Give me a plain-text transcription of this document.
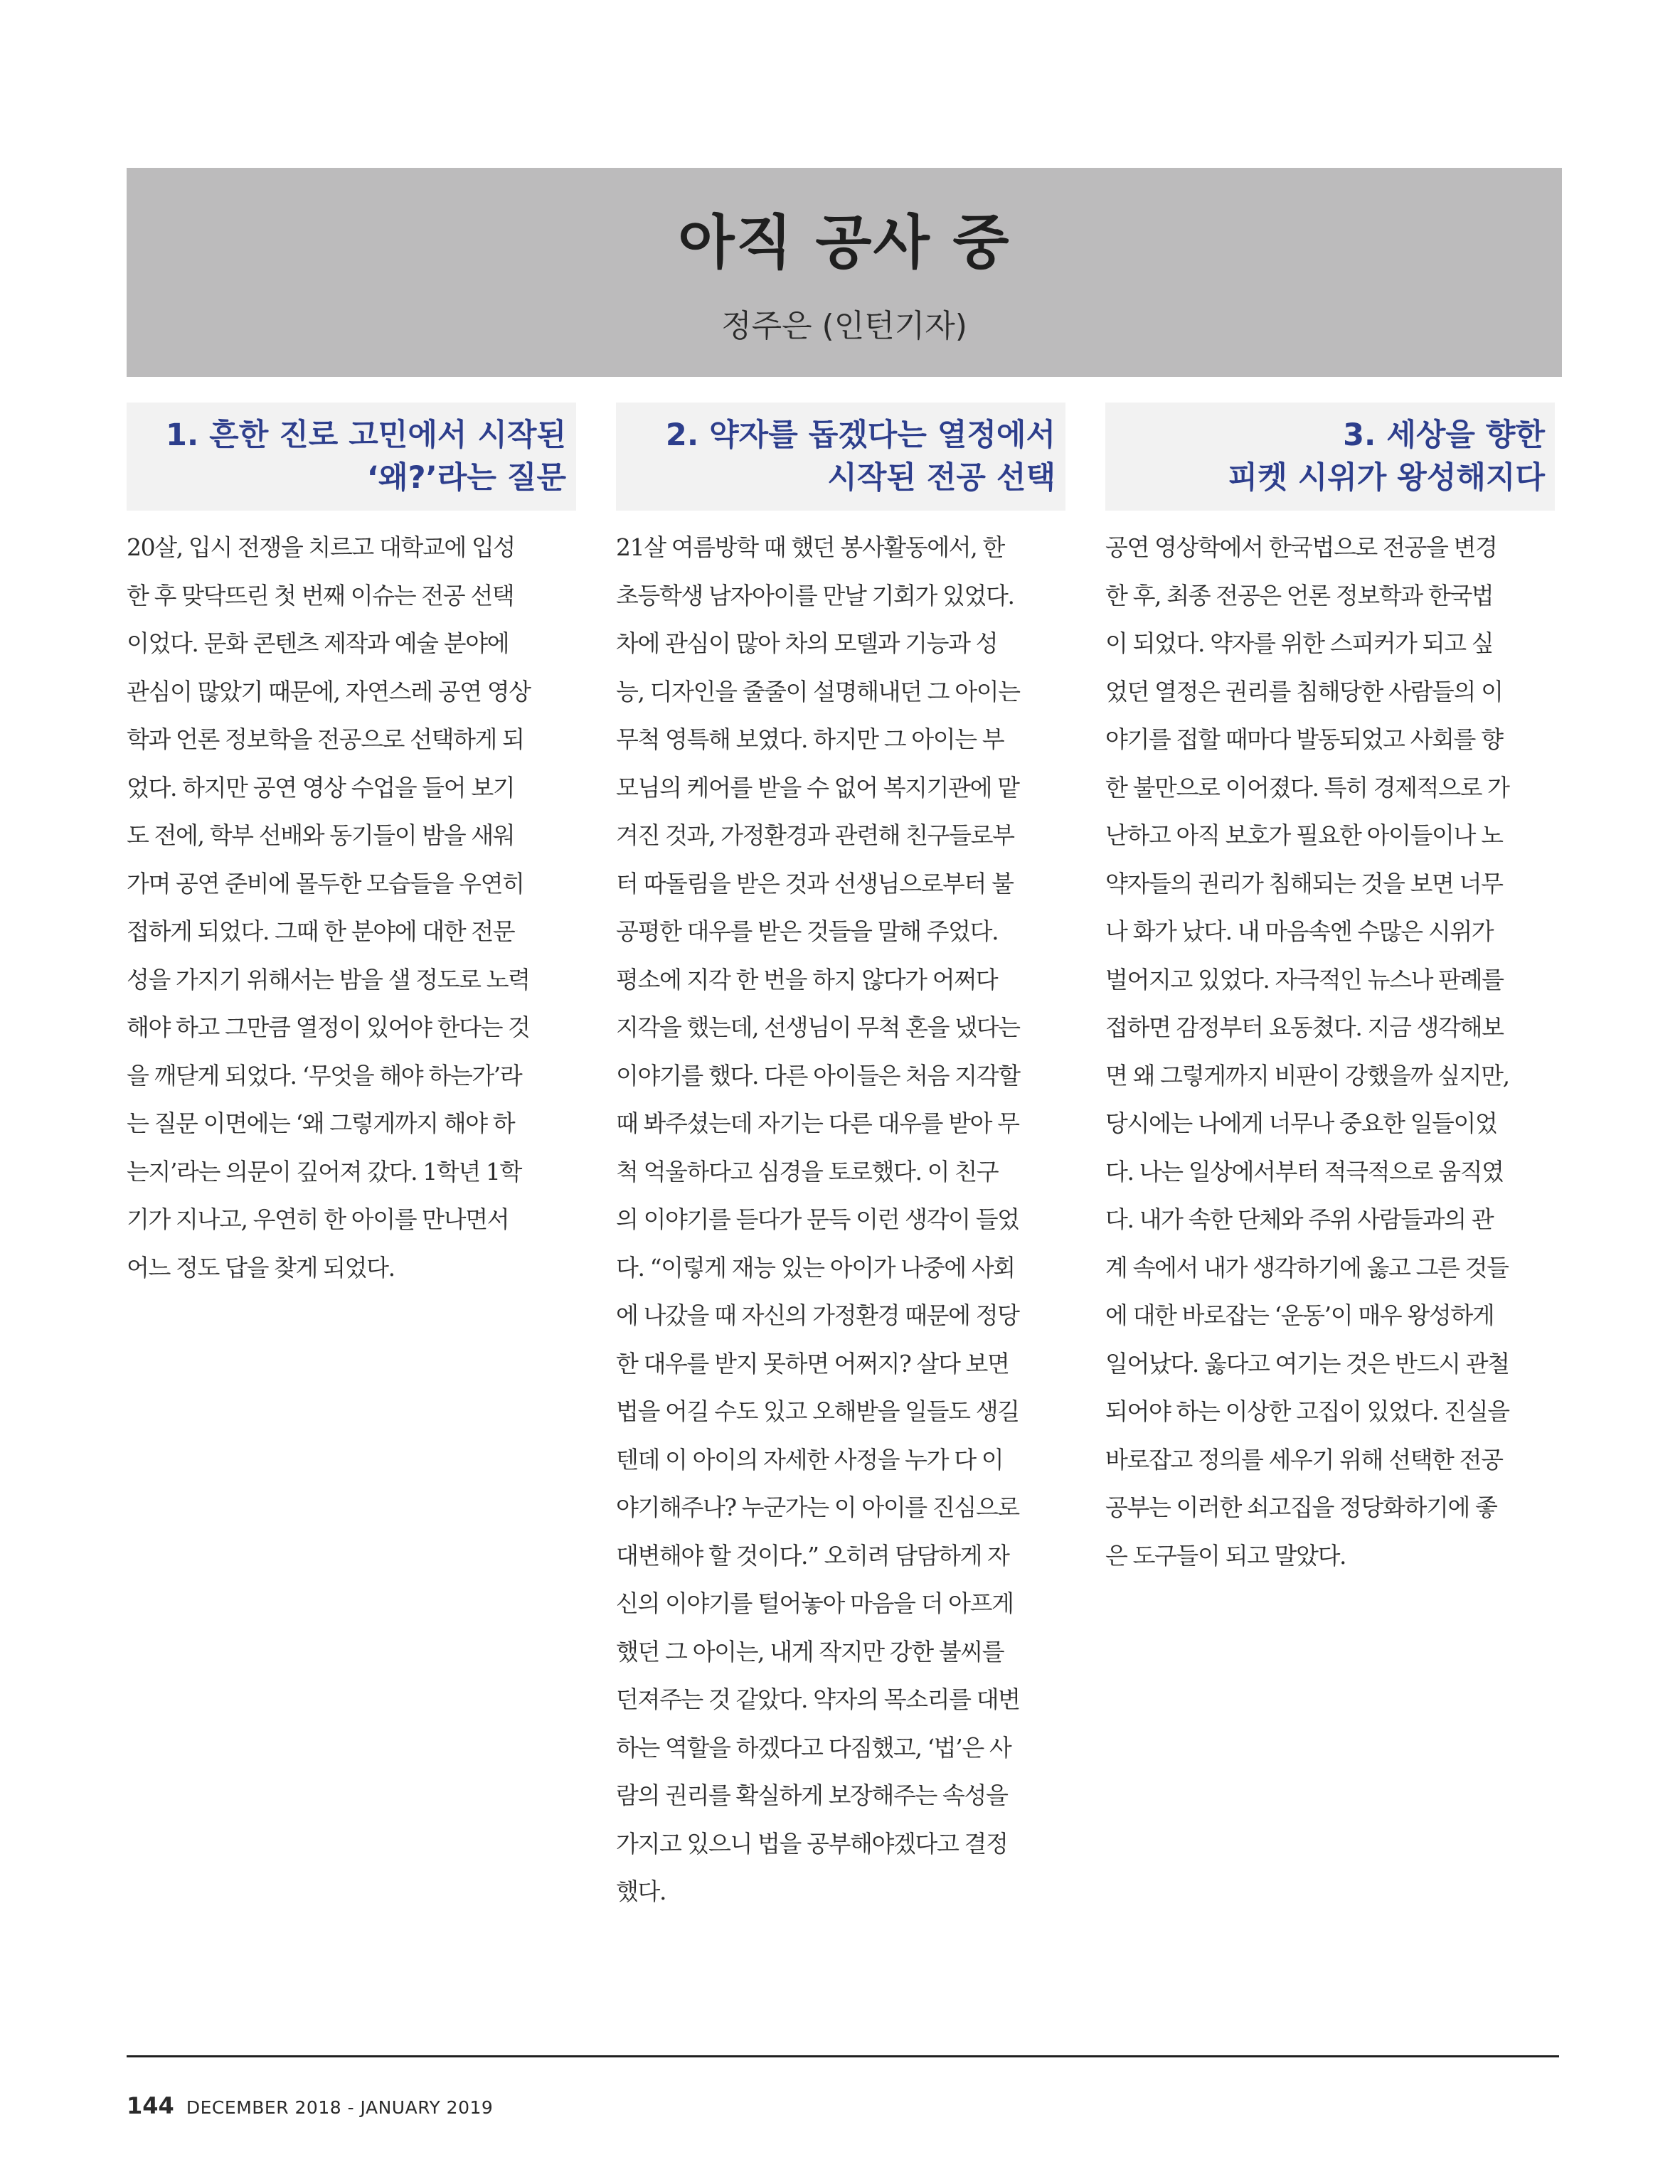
아직 공사 중
정주은 (인턴기자)
1. 흔한 진로 고민에서 시작된
‘왜?’라는 질문
2. 약자를 돕겠다는 열정에서
시작된 전공 선택
3. 세상을 향한
피켓 시위가 왕성해지다
20살, 입시 전쟁을 치르고 대학교에 입성
한 후 맞닥뜨린 첫 번째 이슈는 전공 선택
이었다. 문화 콘텐츠 제작과 예술 분야에
관심이 많았기 때문에, 자연스레 공연 영상
학과 언론 정보학을 전공으로 선택하게 되
었다. 하지만 공연 영상 수업을 들어 보기
도 전에, 학부 선배와 동기들이 밤을 새워
가며 공연 준비에 몰두한 모습들을 우연히
접하게 되었다. 그때 한 분야에 대한 전문
성을 가지기 위해서는 밤을 샐 정도로 노력
해야 하고 그만큼 열정이 있어야 한다는 것
을 깨닫게 되었다. ‘무엇을 해야 하는가’라
는 질문 이면에는 ‘왜 그렇게까지 해야 하
는지’라는 의문이 깊어져 갔다. 1학년 1학
기가 지나고, 우연히 한 아이를 만나면서
어느 정도 답을 찾게 되었다.
21살 여름방학 때 했던 봉사활동에서, 한
초등학생 남자아이를 만날 기회가 있었다.
차에 관심이 많아 차의 모델과 기능과 성
능, 디자인을 줄줄이 설명해내던 그 아이는
무척 영특해 보였다. 하지만 그 아이는 부
모님의 케어를 받을 수 없어 복지기관에 맡
겨진 것과, 가정환경과 관련해 친구들로부
터 따돌림을 받은 것과 선생님으로부터 불
공평한 대우를 받은 것들을 말해 주었다.
평소에 지각 한 번을 하지 않다가 어쩌다
지각을 했는데, 선생님이 무척 혼을 냈다는
이야기를 했다. 다른 아이들은 처음 지각할
때 봐주셨는데 자기는 다른 대우를 받아 무
척 억울하다고 심경을 토로했다. 이 친구
의 이야기를 듣다가 문득 이런 생각이 들었
다. “이렇게 재능 있는 아이가 나중에 사회
에 나갔을 때 자신의 가정환경 때문에 정당
한 대우를 받지 못하면 어쩌지? 살다 보면
법을 어길 수도 있고 오해받을 일들도 생길
텐데 이 아이의 자세한 사정을 누가 다 이
야기해주나? 누군가는 이 아이를 진심으로
대변해야 할 것이다.” 오히려 담담하게 자
신의 이야기를 털어놓아 마음을 더 아프게
했던 그 아이는, 내게 작지만 강한 불씨를
던져주는 것 같았다. 약자의 목소리를 대변
하는 역할을 하겠다고 다짐했고, ‘법’은 사
람의 권리를 확실하게 보장해주는 속성을
가지고 있으니 법을 공부해야겠다고 결정
했다.
공연 영상학에서 한국법으로 전공을 변경
한 후, 최종 전공은 언론 정보학과 한국법
이 되었다. 약자를 위한 스피커가 되고 싶
었던 열정은 권리를 침해당한 사람들의 이
야기를 접할 때마다 발동되었고 사회를 향
한 불만으로 이어졌다. 특히 경제적으로 가
난하고 아직 보호가 필요한 아이들이나 노
약자들의 권리가 침해되는 것을 보면 너무
나 화가 났다. 내 마음속엔 수많은 시위가
벌어지고 있었다. 자극적인 뉴스나 판례를
접하면 감정부터 요동쳤다. 지금 생각해보
면 왜 그렇게까지 비판이 강했을까 싶지만,
당시에는 나에게 너무나 중요한 일들이었
다. 나는 일상에서부터 적극적으로 움직였
다. 내가 속한 단체와 주위 사람들과의 관
계 속에서 내가 생각하기에 옳고 그른 것들
에 대한 바로잡는 ‘운동’이 매우 왕성하게
일어났다. 옳다고 여기는 것은 반드시 관철
되어야 하는 이상한 고집이 있었다. 진실을
바로잡고 정의를 세우기 위해 선택한 전공
공부는 이러한 쇠고집을 정당화하기에 좋
은 도구들이 되고 말았다.
144 DECEMBER 2018 - JANUARY 2019
